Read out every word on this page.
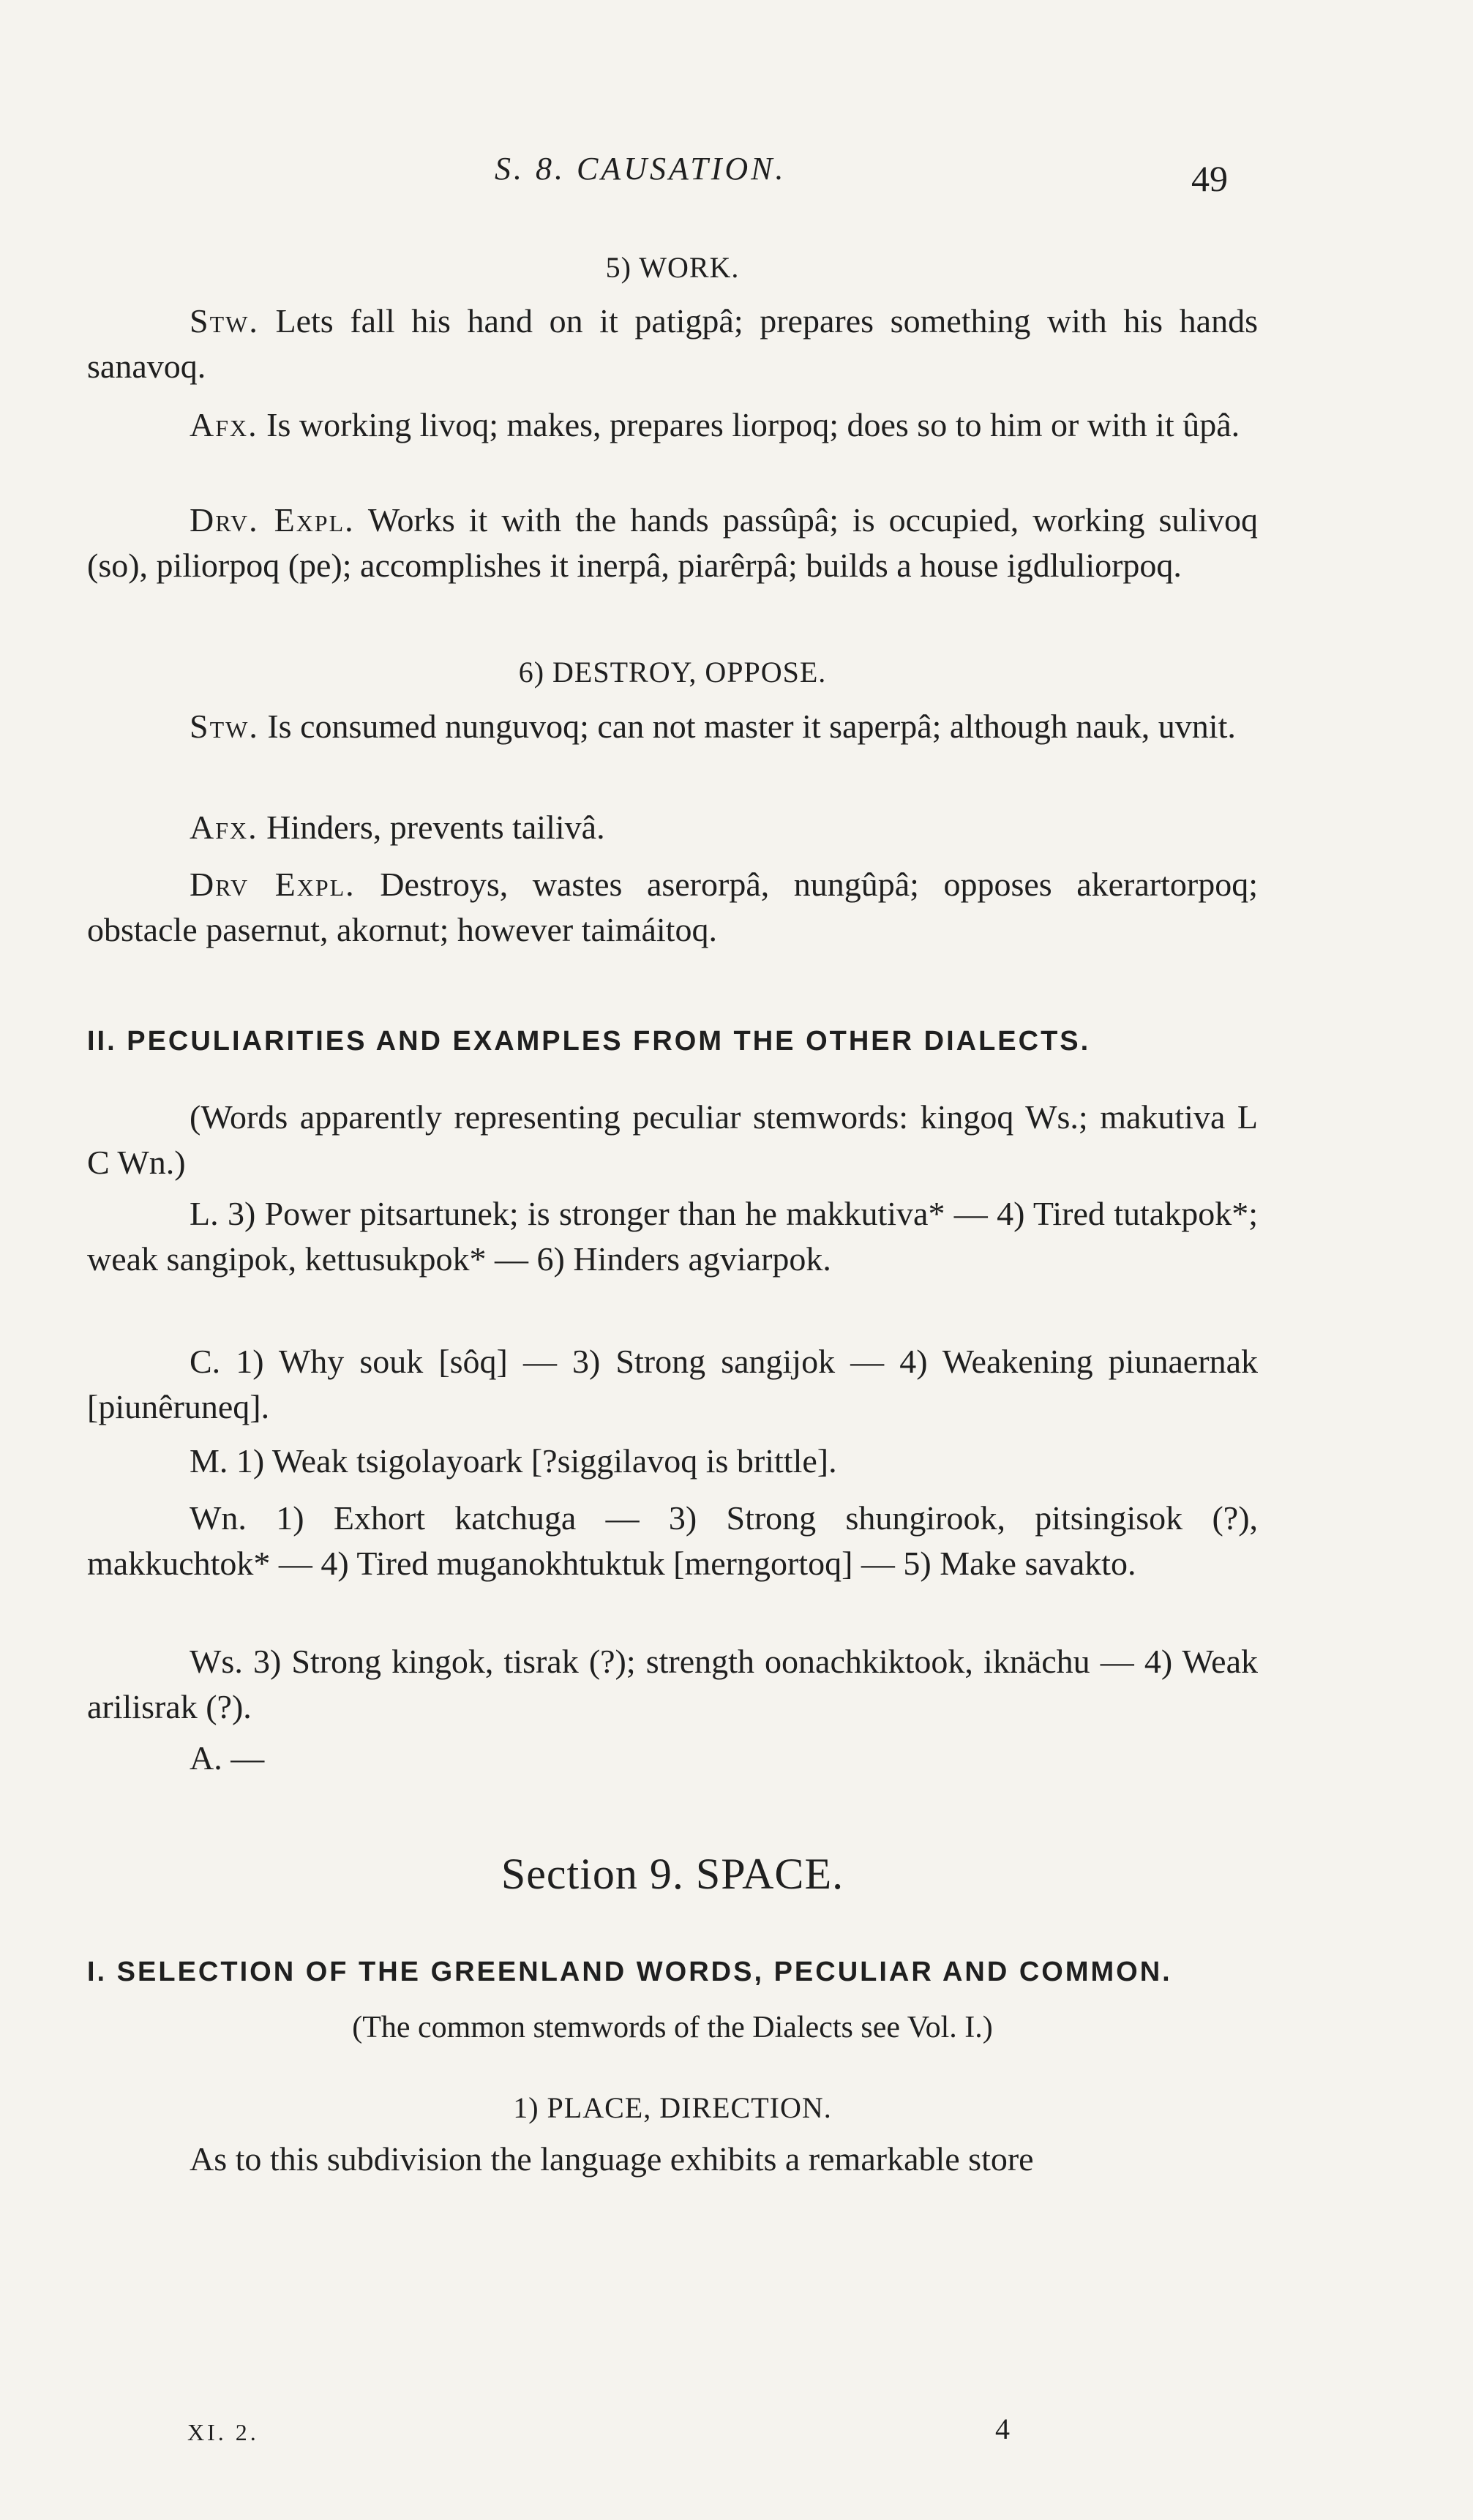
S. 8. CAUSATION.	49
5) WORK.

Stw. Lets fall his hand on it patigpâ; prepares something with his hands sanavoq.

Afx. Is working livoq; makes, prepares liorpoq; does so to him or with it ûpâ.

Drv. Expl. Works it with the hands passûpâ; is occupied, working sulivoq (so), piliorpoq (pe); accomplishes it inerpâ, piarêrpâ; builds a house igdluliorpoq.

6) DESTROY, OPPOSE.

Stw. Is consumed nunguvoq; can not master it saperpâ; although nauk, uvnit.

Afx. Hinders, prevents tailivâ.

Drv Expl. Destroys, wastes aserorpâ, nungûpâ; opposes akerartorpoq; obstacle pasernut, akornut; however taimáitoq.

II. PECULIARITIES AND EXAMPLES FROM THE OTHER DIALECTS.

(Words apparently representing peculiar stemwords: kingoq Ws.; makutiva L C Wn.)

L. 3) Power pitsartunek; is stronger than he makkutiva* — 4) Tired tutakpok*; weak sangipok, kettusukpok* — 6) Hinders agviarpok.

C. 1) Why souk [sôq] — 3) Strong sangijok — 4) Weakening piunaernak [piunêruneq].

M. 1) Weak tsigolayoark [?siggilavoq is brittle].

Wn. 1) Exhort katchuga — 3) Strong shungirook, pitsingisok (?), makkuchtok* — 4) Tired muganokhtuktuk [merngortoq] — 5) Make savakto.

Ws. 3) Strong kingok, tisrak (?); strength oonachkiktook, iknächu — 4) Weak arilisrak (?).

A. —

Section 9. SPACE.
I. SELECTION OF THE GREENLAND WORDS, PECULIAR AND COMMON.
(The common stemwords of the Dialects see Vol. I.)
1) PLACE, DIRECTION.

As to this subdivision the language exhibits a remarkable store

XI. 2.	4
